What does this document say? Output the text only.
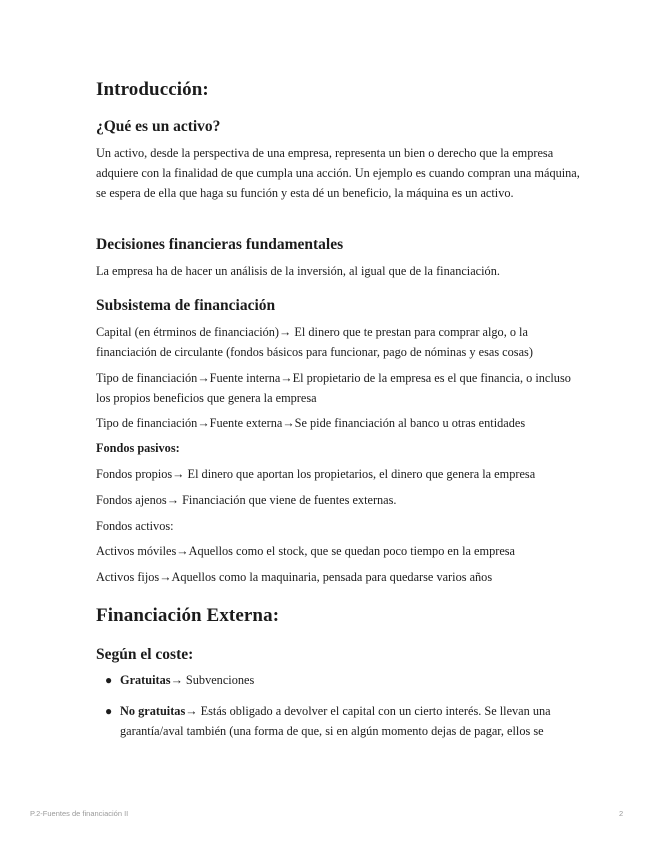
Introducción:
¿Qué es un activo?

Un activo, desde la perspectiva de una empresa, representa un bien o derecho que la empresa adquiere con la finalidad de que cumpla una acción. Un ejemplo es cuando compran una máquina, se espera de ella que haga su función y esta dé un beneficio, la máquina es un activo.

Decisiones financieras fundamentales

La empresa ha de hacer un análisis de la inversión, al igual que de la financiación.

Subsistema de financiación

Capital (en étrminos de financiación)→ El dinero que te prestan para comprar algo, o la financiación de circulante (fondos básicos para funcionar, pago de nóminas y esas cosas)

Tipo de financiación→Fuente interna→El propietario de la empresa es el que financia, o incluso los propios beneficios que genera la empresa

Tipo de financiación→Fuente externa→Se pide financiación al banco u otras entidades

Fondos pasivos:

Fondos propios→ El dinero que aportan los propietarios, el dinero que genera la empresa

Fondos ajenos→ Financiación que viene de fuentes externas.

Fondos activos:

Activos móviles→Aquellos como el stock, que se quedan poco tiempo en la empresa

Activos fijos→Aquellos como la maquinaria, pensada para quedarse varios años

Financiación Externa:
Según el coste:
● Gratuitas→ Subvenciones
● No gratuitas→ Estás obligado a devolver el capital con un cierto interés. Se llevan una garantía/aval también (una forma de que, si en algún momento dejas de pagar, ellos se
P.2-Fuentes de financiación II	2
